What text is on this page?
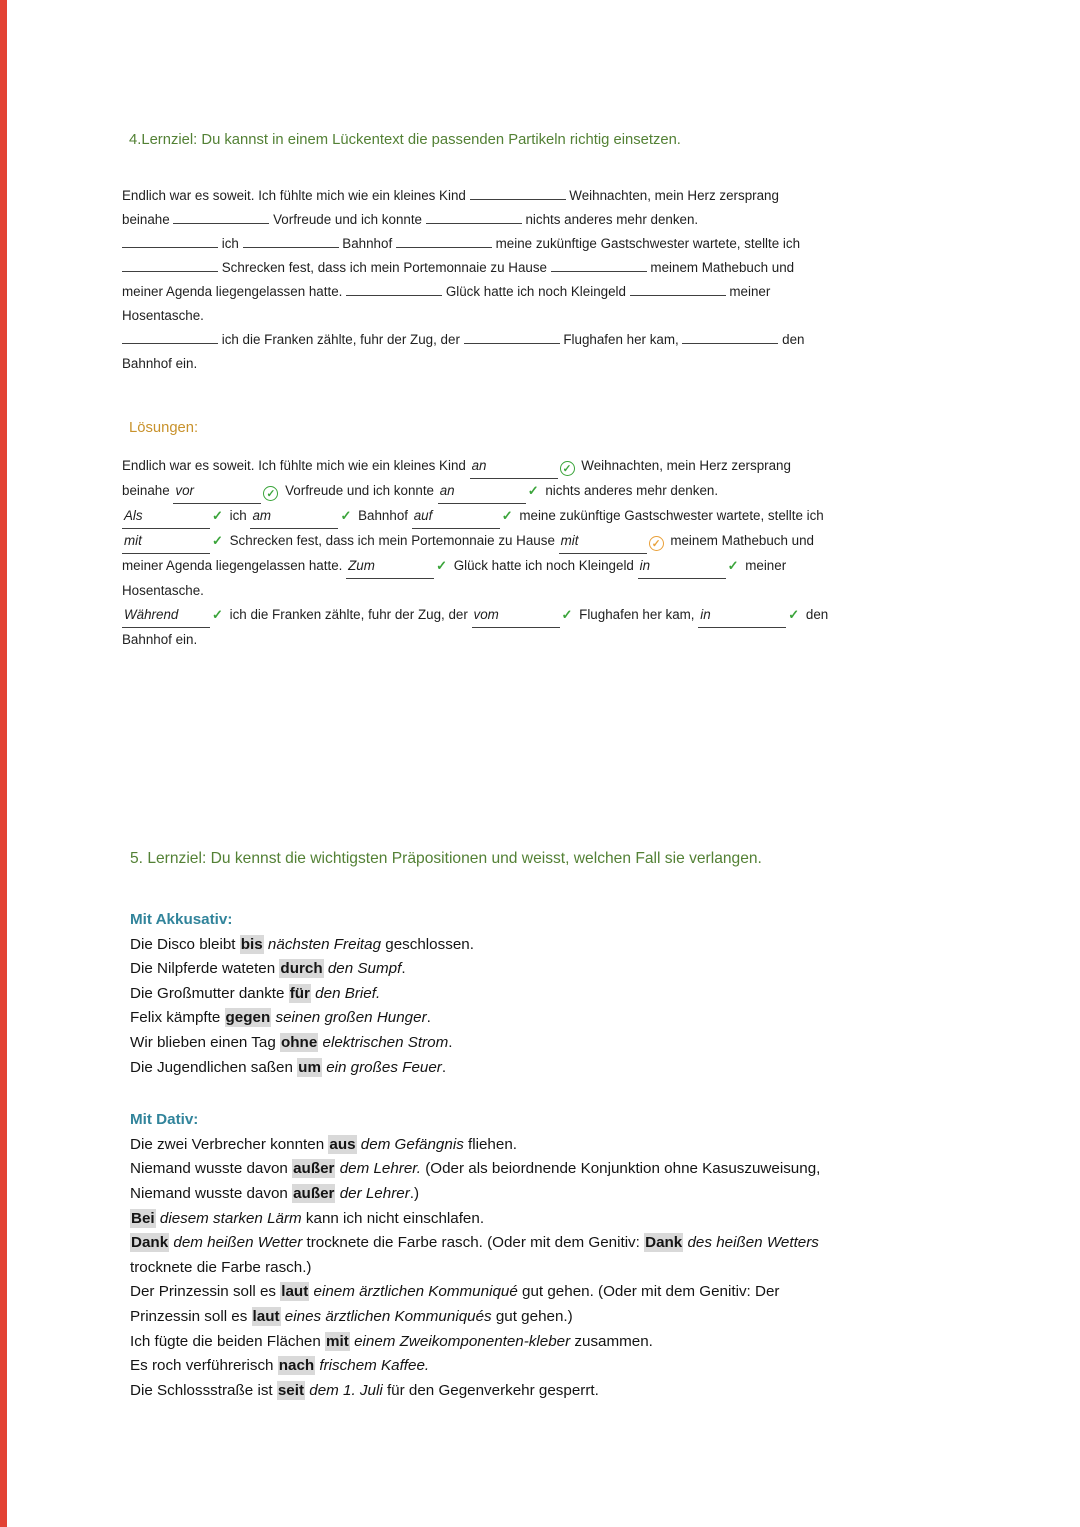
4.Lernziel: Du kannst in einem Lückentext die passenden Partikeln richtig einsetzen.
Endlich war es soweit. Ich fühlte mich wie ein kleines Kind	Weihnachten, mein Herz zersprang
beinahe	Vorfreude und ich konnte	nichts anderes mehr denken.
ich	Bahnhof	meine zukünftige Gastschwester wartete, stellte ich
Schrecken fest, dass ich mein Portemonnaie zu Hause	meinem Mathebuch und
meiner Agenda liegengelassen hatte.	Glück hatte ich noch Kleingeld	meiner
Hosentasche.
ich die Franken zählte, fuhr der Zug, der	Flughafen her kam,	den
Bahnhof ein.
Lösungen:
Endlich war es soweit. Ich fühlte mich wie ein kleines Kind an	✓ Weihnachten, mein Herz zersprang
beinahe vor	✓ Vorfreude und ich konnte an	✓ nichts anderes mehr denken.
Als	✓ ich am	✓ Bahnhof auf	✓ meine zukünftige Gastschwester wartete, stellte ich
mit	✓ Schrecken fest, dass ich mein Portemonnaie zu Hause mit	✓ meinem Mathebuch und
meiner Agenda liegengelassen hatte. Zum	✓ Glück hatte ich noch Kleingeld in	✓ meiner
Hosentasche.
Während	✓ ich die Franken zählte, fuhr der Zug, der vom	✓ Flughafen her kam, in	✓ den
Bahnhof ein.
5. Lernziel: Du kennst die wichtigsten Präpositionen und weisst, welchen Fall sie verlangen.

Mit Akkusativ:

Die Disco bleibt bis nächsten Freitag geschlossen.
Die Nilpferde wateten durch den Sumpf.
Die Großmutter dankte für den Brief.
Felix kämpfte gegen seinen großen Hunger.
Wir blieben einen Tag ohne elektrischen Strom.
Die Jugendlichen saßen um ein großes Feuer.

Mit Dativ:

Die zwei Verbrecher konnten aus dem Gefängnis fliehen.
Niemand wusste davon außer dem Lehrer. (Oder als beiordnende Konjunktion ohne Kasuszuweisung,
Niemand wusste davon außer der Lehrer.)
Bei diesem starken Lärm kann ich nicht einschlafen.
Dank dem heißen Wetter trocknete die Farbe rasch. (Oder mit dem Genitiv: Dank des heißen Wetters
trocknete die Farbe rasch.)
Der Prinzessin soll es laut einem ärztlichen Kommuniqué gut gehen. (Oder mit dem Genitiv: Der
Prinzessin soll es laut eines ärztlichen Kommuniqués gut gehen.)
Ich fügte die beiden Flächen mit einem Zweikomponenten-kleber zusammen.
Es roch verführerisch nach frischem Kaffee.
Die Schlossstraße ist seit dem 1. Juli für den Gegenverkehr gesperrt.
